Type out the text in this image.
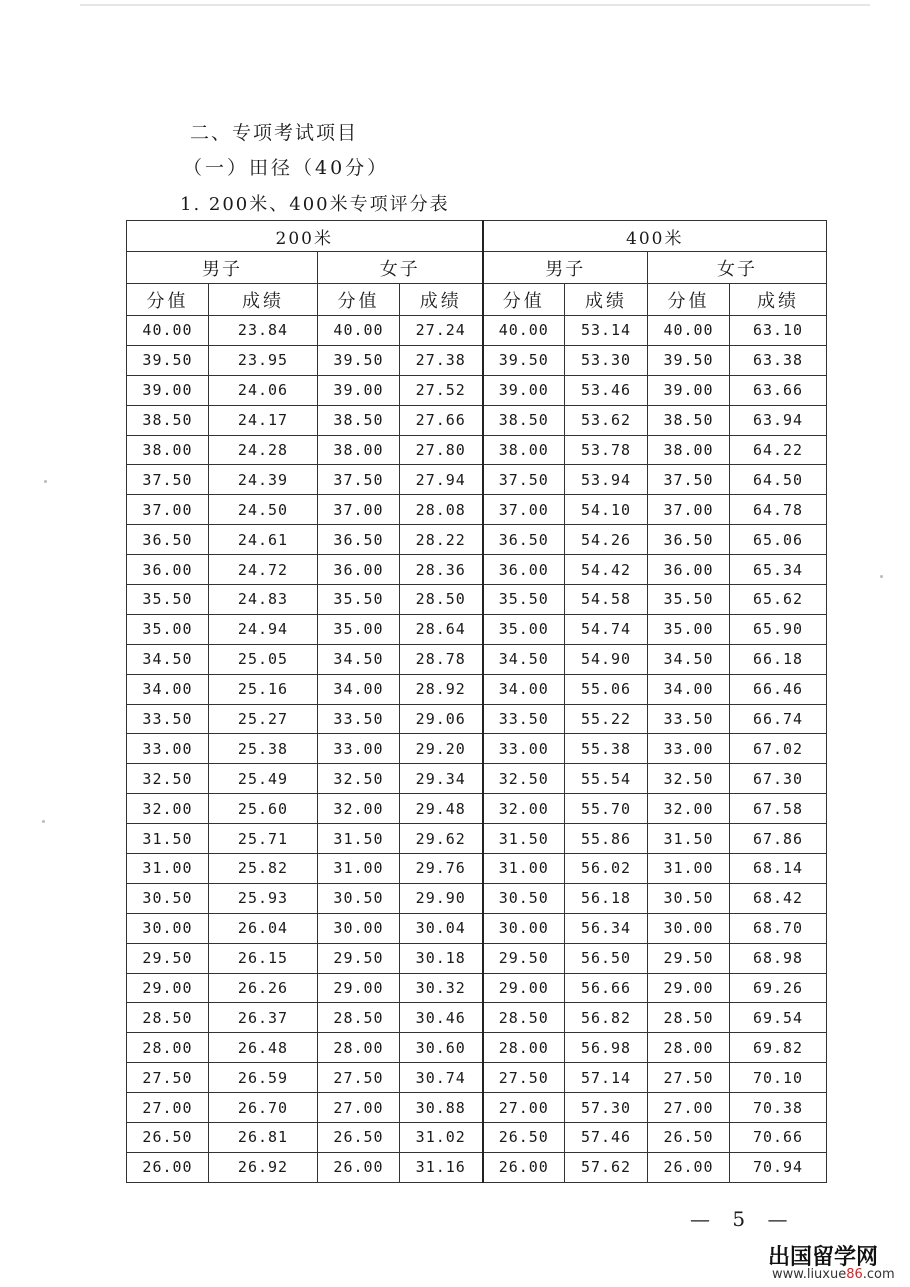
二、专项考试项目
（一）田径（40分）
1. 200米、400米专项评分表
200米				400米			
男子		女子		男子		女子	
分值	成绩	分值	成绩	分值	成绩	分值	成绩
40.00	23.84	40.00	27.24	40.00	53.14	40.00	63.10
39.50	23.95	39.50	27.38	39.50	53.30	39.50	63.38
39.00	24.06	39.00	27.52	39.00	53.46	39.00	63.66
38.50	24.17	38.50	27.66	38.50	53.62	38.50	63.94
38.00	24.28	38.00	27.80	38.00	53.78	38.00	64.22
37.50	24.39	37.50	27.94	37.50	53.94	37.50	64.50
37.00	24.50	37.00	28.08	37.00	54.10	37.00	64.78
36.50	24.61	36.50	28.22	36.50	54.26	36.50	65.06
36.00	24.72	36.00	28.36	36.00	54.42	36.00	65.34
35.50	24.83	35.50	28.50	35.50	54.58	35.50	65.62
35.00	24.94	35.00	28.64	35.00	54.74	35.00	65.90
34.50	25.05	34.50	28.78	34.50	54.90	34.50	66.18
34.00	25.16	34.00	28.92	34.00	55.06	34.00	66.46
33.50	25.27	33.50	29.06	33.50	55.22	33.50	66.74
33.00	25.38	33.00	29.20	33.00	55.38	33.00	67.02
32.50	25.49	32.50	29.34	32.50	55.54	32.50	67.30
32.00	25.60	32.00	29.48	32.00	55.70	32.00	67.58
31.50	25.71	31.50	29.62	31.50	55.86	31.50	67.86
31.00	25.82	31.00	29.76	31.00	56.02	31.00	68.14
30.50	25.93	30.50	29.90	30.50	56.18	30.50	68.42
30.00	26.04	30.00	30.04	30.00	56.34	30.00	68.70
29.50	26.15	29.50	30.18	29.50	56.50	29.50	68.98
29.00	26.26	29.00	30.32	29.00	56.66	29.00	69.26
28.50	26.37	28.50	30.46	28.50	56.82	28.50	69.54
28.00	26.48	28.00	30.60	28.00	56.98	28.00	69.82
27.50	26.59	27.50	30.74	27.50	57.14	27.50	70.10
27.00	26.70	27.00	30.88	27.00	57.30	27.00	70.38
26.50	26.81	26.50	31.02	26.50	57.46	26.50	70.66
26.00	26.92	26.00	31.16	26.00	57.62	26.00	70.94
— 5 —
出国留学网
www.liuxue86.com
